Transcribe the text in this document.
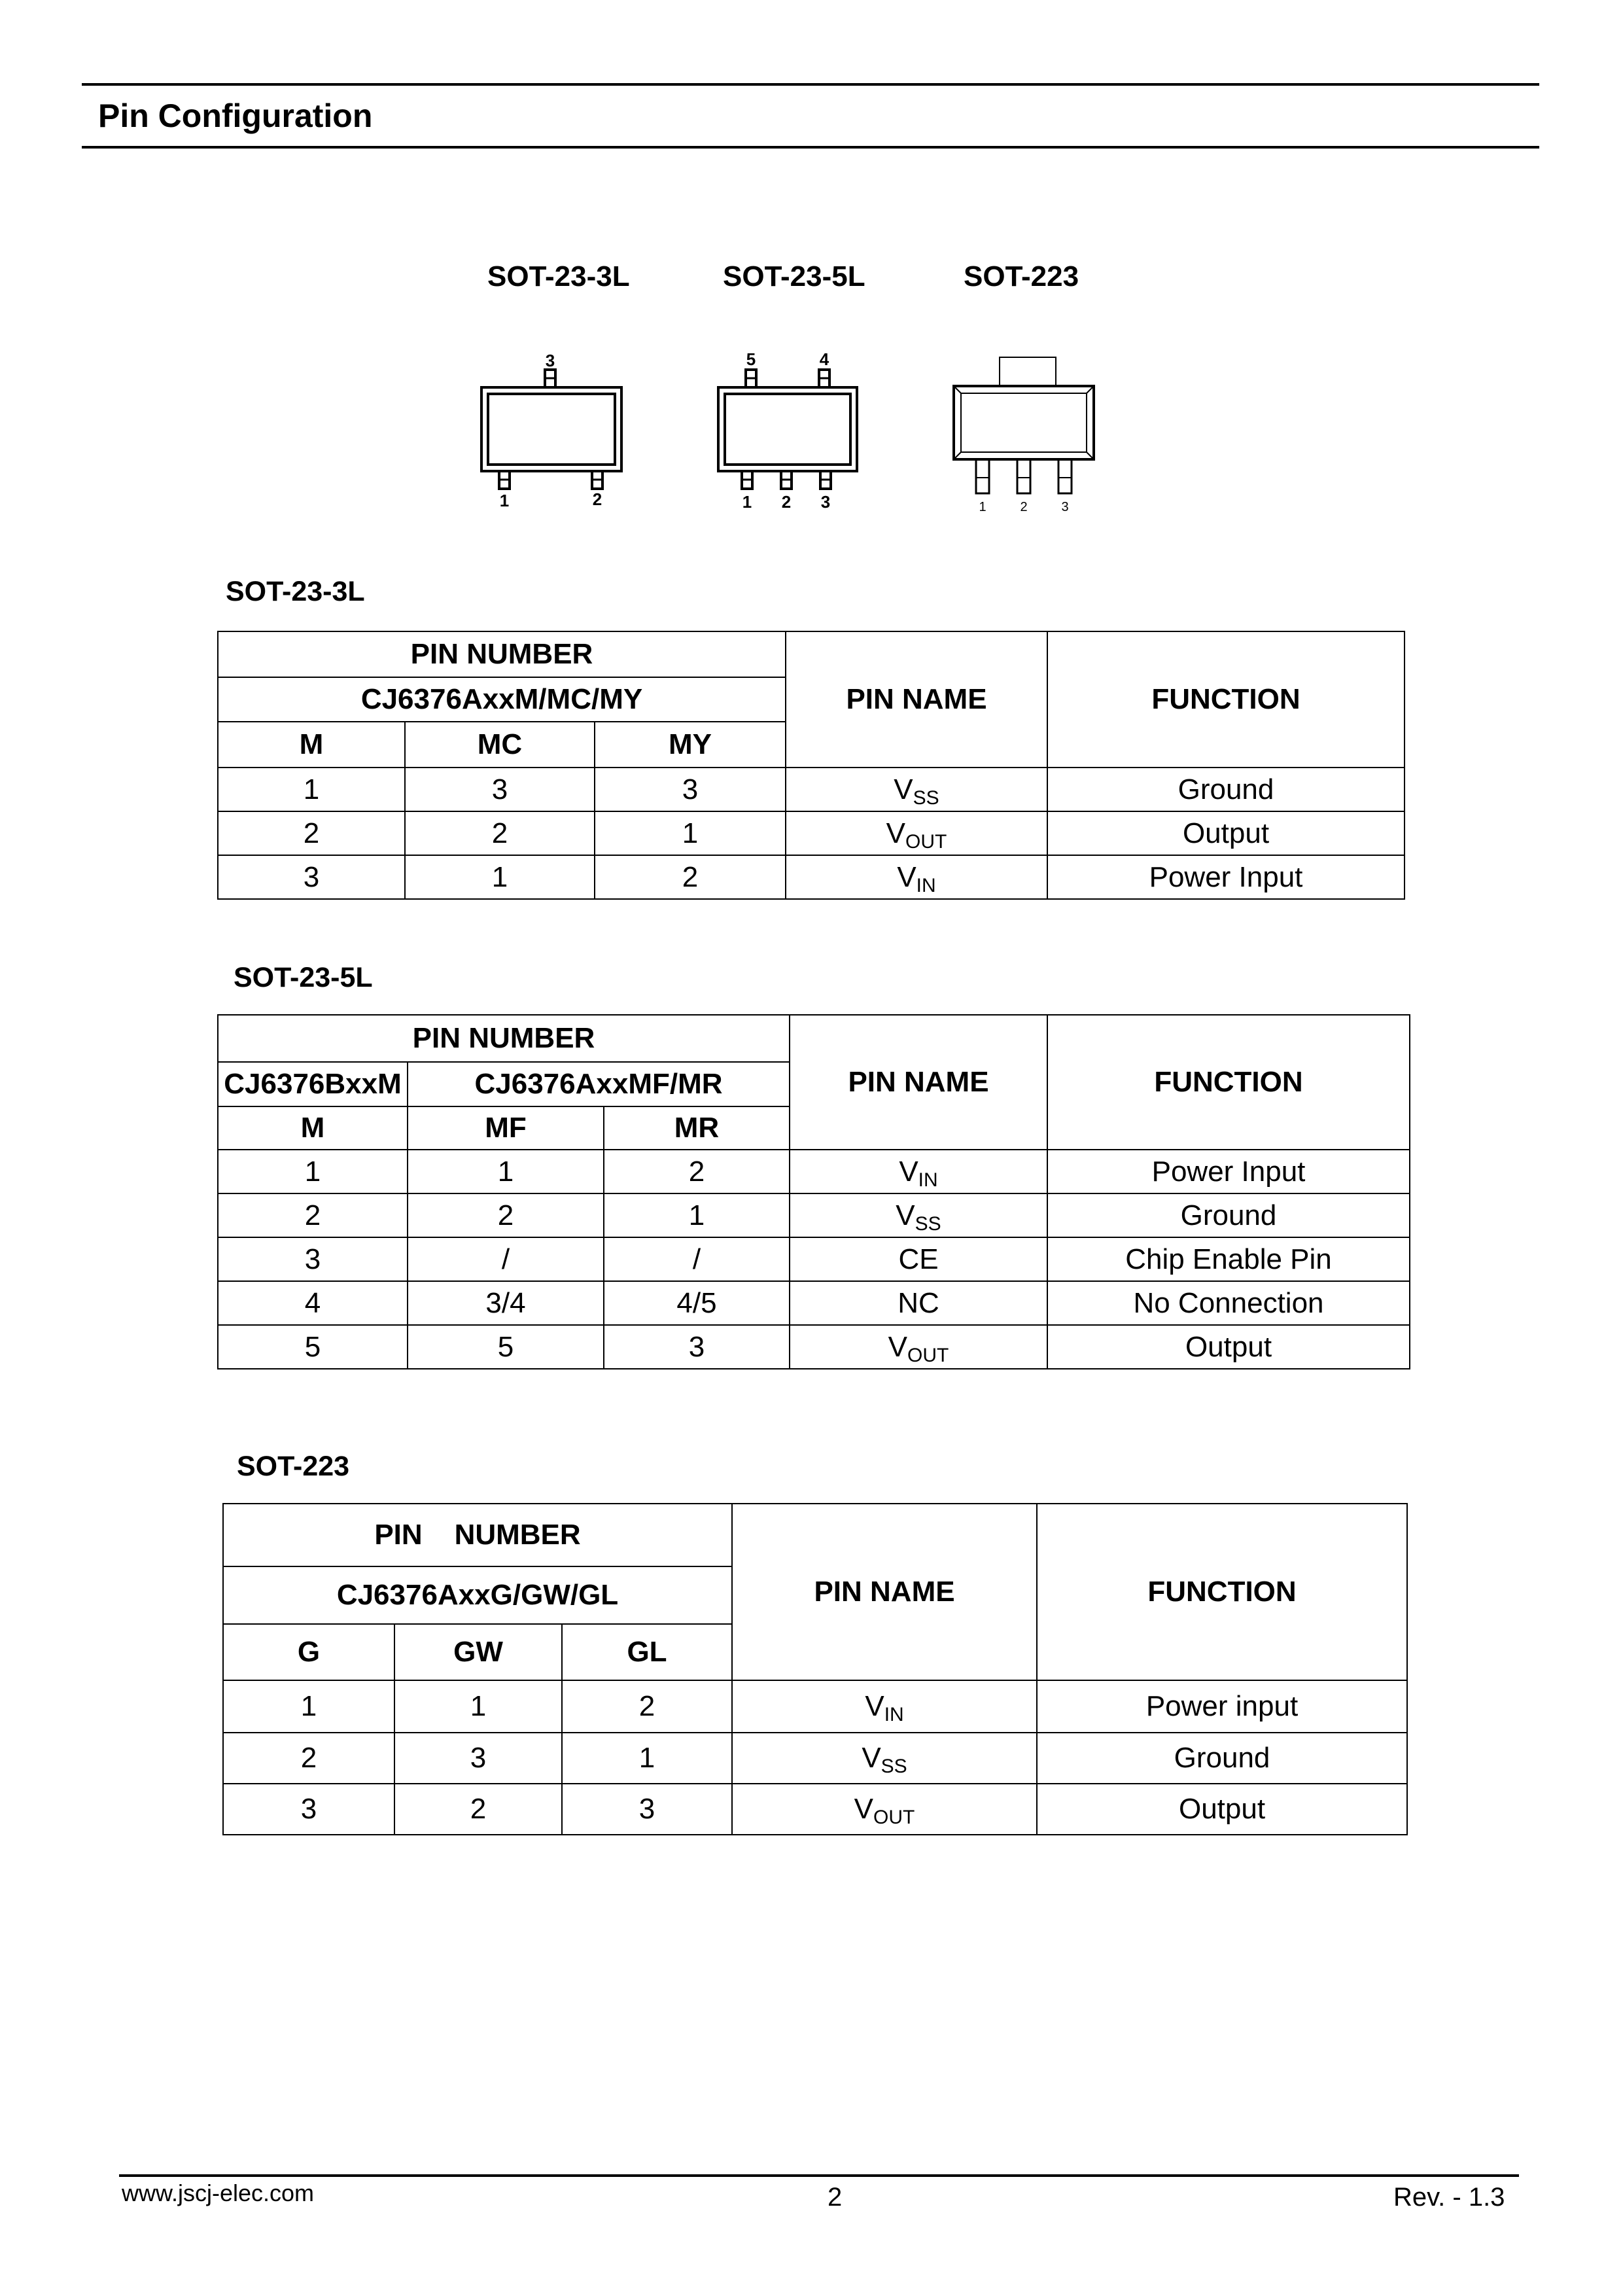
Pin Configuration
SOT-23-3L	SOT-23-5L	SOT-223
3
1	2
5	4
1 2 3	1	2	3
SOT-23-3L
PIN NUMBER			PIN NAME	FUNCTION
CJ6376AxxM/MC/MY				
M	MC	MY		
1	3	3	$V_{SS}$	Ground
2	2	1	$V_{OUT}$	Output
3	1	2	$V_{IN}$	Power Input
SOT-23-5L
PIN NUMBER			PIN NAME	FUNCTION
CJ6376BxxM	CJ6376AxxMF/MR			
M	MF	MR		
1	1	2	$V_{IN}$	Power Input
2	2	1	$V_{SS}$	Ground
3	/	/	CE	Chip Enable Pin
4	3/4	4/5	NC	No Connection
5	5	3	$V_{OUT}$	Output
SOT-223
PIN    NUMBER			PIN NAME	FUNCTION
CJ6376AxxG/GW/GL				
G	GW	GL		
1	1	2	$V_{IN}$	Power input
2	3	1	$V_{SS}$	Ground
3	2	3	$V_{OUT}$	Output
www.jscj-elec.com	2	Rev. - 1.3
